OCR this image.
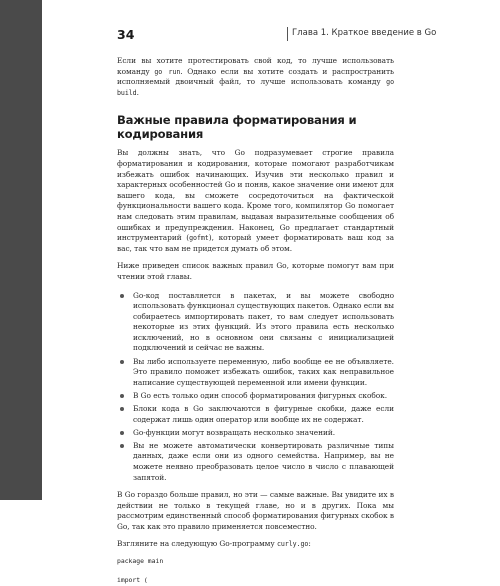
34	Глава 1. Краткое введение в Go

Если вы хотите протестировать свой код, то лучше использовать команду go run. Однако если вы хотите создать и распространить исполняемый двоичный файл, то лучше использовать команду go build.

Важные правила форматирования и кодирования

Вы должны знать, что Go подразумевает строгие правила форматирования и кодирования, которые помогают разработчикам избежать ошибок начинающих. Изучив эти несколько правил и характерных особенностей Go и поняв, какое значение они имеют для вашего кода, вы сможете сосредоточиться на фактической функциональности вашего кода. Кроме того, компилятор Go помогает нам следовать этим правилам, выдавая выразительные сообщения об ошибках и предупреждения. Наконец, Go предлагает стандартный инструментарий (gofmt), который умеет форматировать ваш код за вас, так что вам не придется думать об этом.

Ниже приведен список важных правил Go, которые помогут вам при чтении этой главы.

Go-код поставляется в пакетах, и вы можете свободно использовать функционал существующих пакетов. Однако если вы собираетесь импортировать пакет, то вам следует использовать некоторые из этих функций. Из этого правила есть несколько исключений, но в основном они связаны с инициализацией подключений и сейчас не важны.
Вы либо используете переменную, либо вообще ее не объявляете. Это правило поможет избежать ошибок, таких как неправильное написание существующей переменной или имени функции.
В Go есть только один способ форматирования фигурных скобок.
Блоки кода в Go заключаются в фигурные скобки, даже если содержат лишь один оператор или вообще их не содержат.
Go-функции могут возвращать несколько значений.
Вы не можете автоматически конвертировать различные типы данных, даже если они из одного семейства. Например, вы не можете неявно преобразовать целое число в число с плавающей запятой.

В Go гораздо больше правил, но эти — самые важные. Вы увидите их в действии не только в текущей главе, но и в других. Пока мы рассмотрим единственный способ форматирования фигурных скобок в Go, так как это правило применяется повсеместно.

Взгляните на следующую Go-программу curly.go:

package main

import (
